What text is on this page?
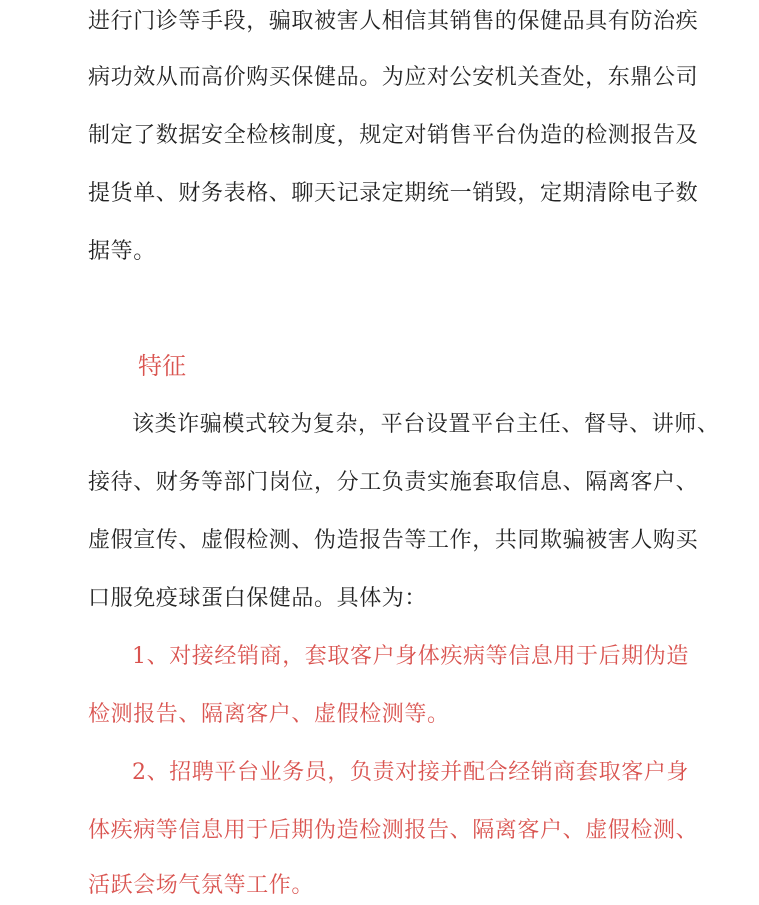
进行门诊等手段，骗取被害人相信其销售的保健品具有防治疾
病功效从而高价购买保健品。为应对公安机关查处，东鼎公司
制定了数据安全检核制度，规定对销售平台伪造的检测报告及
提货单、财务表格、聊天记录定期统一销毁，定期清除电子数
据等。
特征
该类诈骗模式较为复杂，平台设置平台主任、督导、讲师、
接待、财务等部门岗位，分工负责实施套取信息、隔离客户、
虚假宣传、虚假检测、伪造报告等工作，共同欺骗被害人购买
口服免疫球蛋白保健品。具体为：
1、对接经销商，套取客户身体疾病等信息用于后期伪造
检测报告、隔离客户、虚假检测等。
2、招聘平台业务员，负责对接并配合经销商套取客户身
体疾病等信息用于后期伪造检测报告、隔离客户、虚假检测、
活跃会场气氛等工作。
